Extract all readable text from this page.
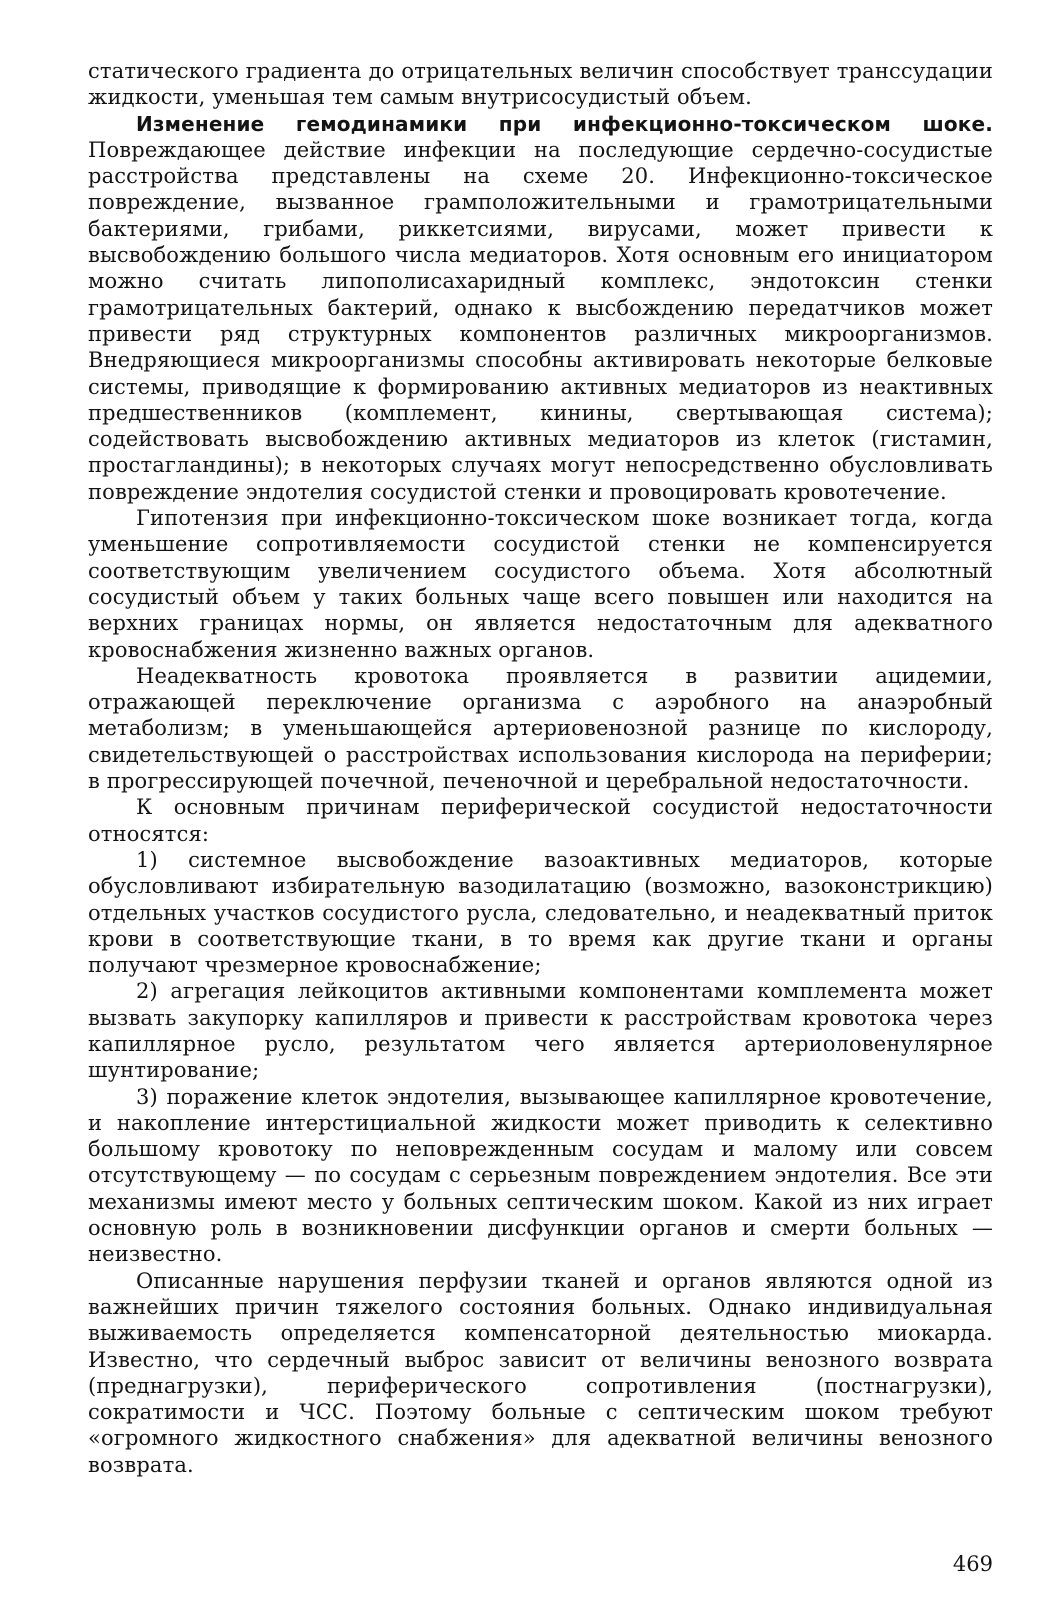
статического градиента до отрицательных величин способствует транссудации жидкости, уменьшая тем самым внутрисосудистый объем.

Изменение гемодинамики при инфекционно-токсическом шоке. Повреждающее действие инфекции на последующие сердечно-сосудистые расстройства представлены на схеме 20. Инфекционно-токсическое повреждение, вызванное грамположительными и грамотрицательными бактериями, грибами, риккетсиями, вирусами, может привести к высвобождению большого числа медиаторов. Хотя основным его инициатором можно считать липополисахаридный комплекс, эндотоксин стенки грамотрицательных бактерий, однако к высбождению передатчиков может привести ряд структурных компонентов различных микроорганизмов. Внедряющиеся микроорганизмы способны активировать некоторые белковые системы, приводящие к формированию активных медиаторов из неактивных предшественников (комплемент, кинины, свертывающая система); содействовать высвобождению активных медиаторов из клеток (гистамин, простагландины); в некоторых случаях могут непосредственно обусловливать повреждение эндотелия сосудистой стенки и провоцировать кровотечение.

Гипотензия при инфекционно-токсическом шоке возникает тогда, когда уменьшение сопротивляемости сосудистой стенки не компенсируется соответствующим увеличением сосудистого объема. Хотя абсолютный сосудистый объем у таких больных чаще всего повышен или находится на верхних границах нормы, он является недостаточным для адекватного кровоснабжения жизненно важных органов.

Неадекватность кровотока проявляется в развитии ацидемии, отражающей переключение организма с аэробного на анаэробный метаболизм; в уменьшающейся артериовенозной разнице по кислороду, свидетельствующей о расстройствах использования кислорода на периферии; в прогрессирующей почечной, печеночной и церебральной недостаточности.

К основным причинам периферической сосудистой недостаточности относятся:

1) системное высвобождение вазоактивных медиаторов, которые обусловливают избирательную вазодилатацию (возможно, вазоконстрикцию) отдельных участков сосудистого русла, следовательно, и неадекватный приток крови в соответствующие ткани, в то время как другие ткани и органы получают чрезмерное кровоснабжение;

2) агрегация лейкоцитов активными компонентами комплемента может вызвать закупорку капилляров и привести к расстройствам кровотока через капиллярное русло, результатом чего является артериоловенулярное шунтирование;

3) поражение клеток эндотелия, вызывающее капиллярное кровотечение, и накопление интерстициальной жидкости может приводить к селективно большому кровотоку по неповрежденным сосудам и малому или совсем отсутствующему — по сосудам с серьезным повреждением эндотелия. Все эти механизмы имеют место у больных септическим шоком. Какой из них играет основную роль в возникновении дисфункции органов и смерти больных — неизвестно.

Описанные нарушения перфузии тканей и органов являются одной из важнейших причин тяжелого состояния больных. Однако индивидуальная выживаемость определяется компенсаторной деятельностью миокарда. Известно, что сердечный выброс зависит от величины венозного возврата (преднагрузки), периферического сопротивления (постнагрузки), сократимости и ЧСС. Поэтому больные с септическим шоком требуют «огромного жидкостного снабжения» для адекватной величины венозного возврата.

469
